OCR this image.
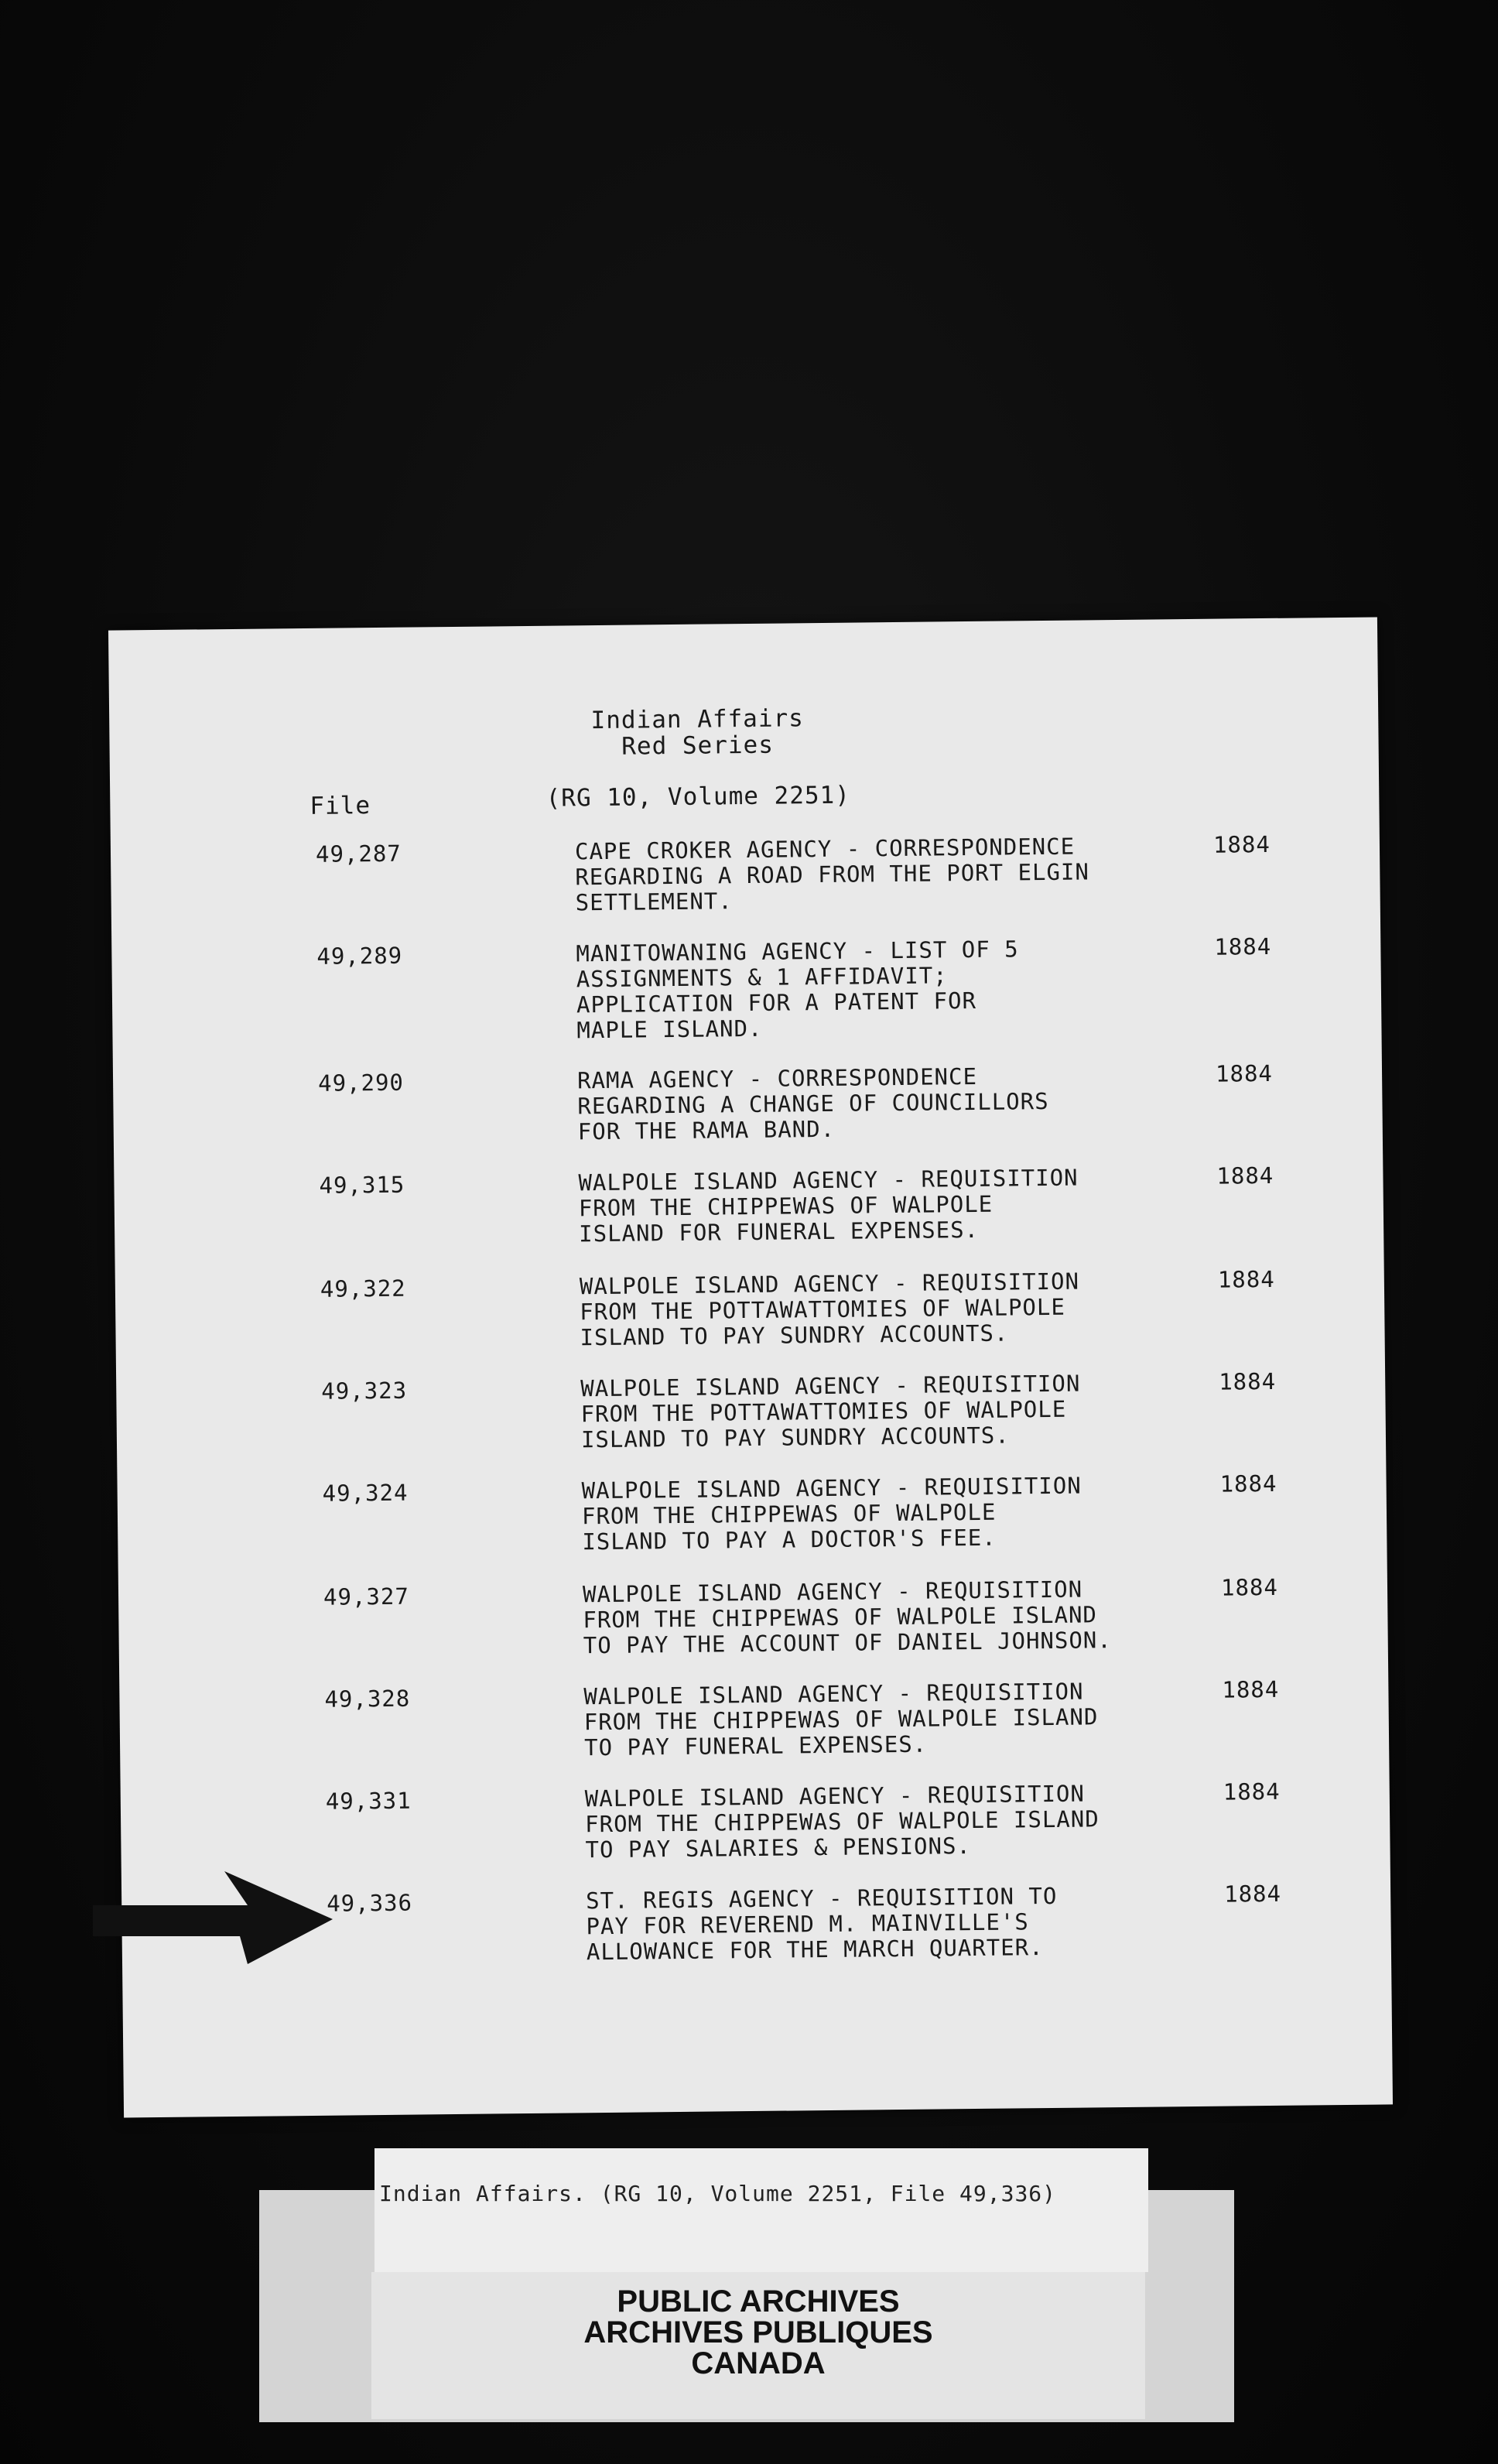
Indian Affairs
Red Series
(RG 10, Volume 2251)
File
49,287	CAPE CROKER AGENCY - CORRESPONDENCE
REGARDING A ROAD FROM THE PORT ELGIN
SETTLEMENT.
1884
49,289	MANITOWANING AGENCY - LIST OF 5
ASSIGNMENTS & 1 AFFIDAVIT;
APPLICATION FOR A PATENT FOR
MAPLE ISLAND.
1884
49,290	RAMA AGENCY - CORRESPONDENCE
REGARDING A CHANGE OF COUNCILLORS
FOR THE RAMA BAND.
1884
49,315	WALPOLE ISLAND AGENCY - REQUISITION
FROM THE CHIPPEWAS OF WALPOLE
ISLAND FOR FUNERAL EXPENSES.
1884
49,322	WALPOLE ISLAND AGENCY - REQUISITION
FROM THE POTTAWATTOMIES OF WALPOLE
ISLAND TO PAY SUNDRY ACCOUNTS.
1884
49,323	WALPOLE ISLAND AGENCY - REQUISITION
FROM THE POTTAWATTOMIES OF WALPOLE
ISLAND TO PAY SUNDRY ACCOUNTS.
1884
49,324	WALPOLE ISLAND AGENCY - REQUISITION
FROM THE CHIPPEWAS OF WALPOLE
ISLAND TO PAY A DOCTOR'S FEE.
1884
49,327	WALPOLE ISLAND AGENCY - REQUISITION
FROM THE CHIPPEWAS OF WALPOLE ISLAND
TO PAY THE ACCOUNT OF DANIEL JOHNSON.
1884
49,328	WALPOLE ISLAND AGENCY - REQUISITION
FROM THE CHIPPEWAS OF WALPOLE ISLAND
TO PAY FUNERAL EXPENSES.
1884
49,331	WALPOLE ISLAND AGENCY - REQUISITION
FROM THE CHIPPEWAS OF WALPOLE ISLAND
TO PAY SALARIES & PENSIONS.
1884
49,336	ST. REGIS AGENCY - REQUISITION TO
PAY FOR REVEREND M. MAINVILLE'S
ALLOWANCE FOR THE MARCH QUARTER.
1884
Indian Affairs. (RG 10, Volume 2251, File 49,336)
PUBLIC ARCHIVES
ARCHIVES PUBLIQUES
CANADA
